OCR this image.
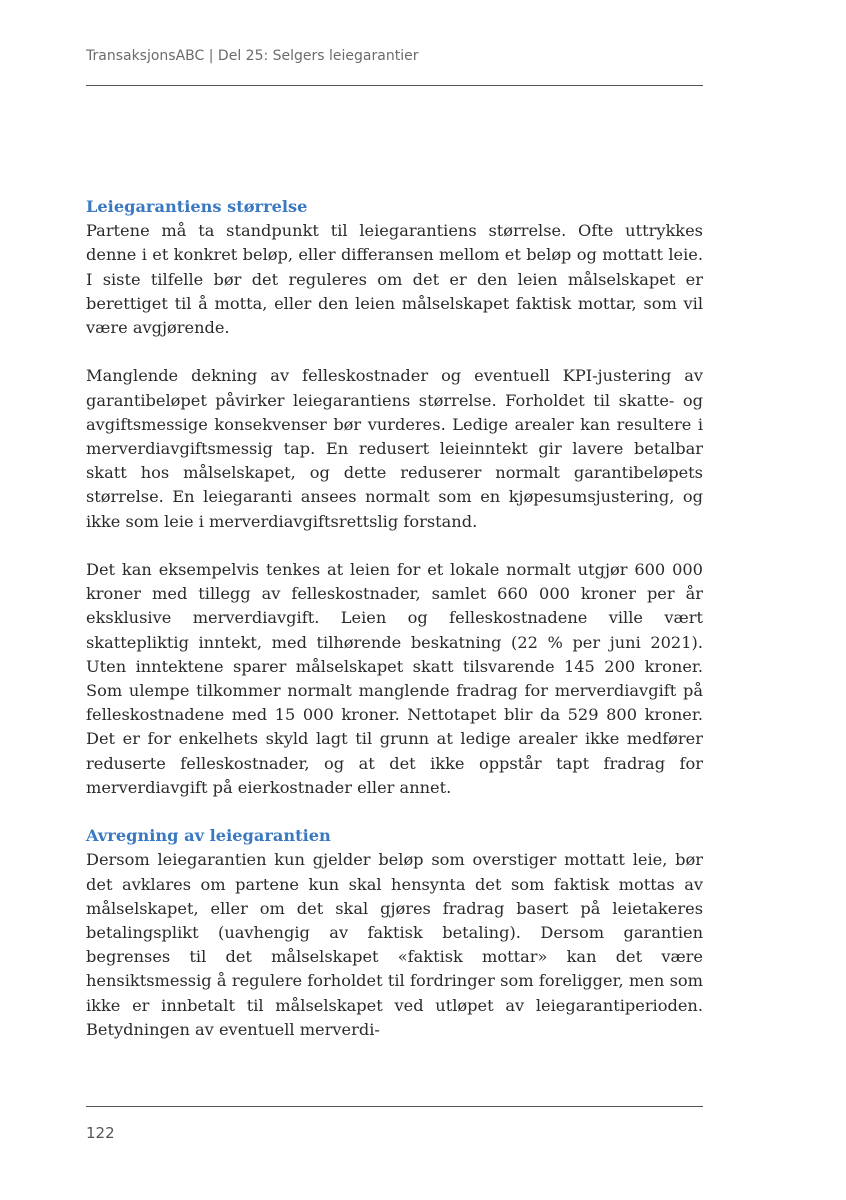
TransaksjonsABC | Del 25: Selgers leiegarantier
Leiegarantiens størrelse

Partene må ta standpunkt til leiegarantiens størrelse. Ofte uttrykkes denne i et konkret beløp, eller differansen mellom et beløp og mottatt leie. I siste tilfelle bør det reguleres om det er den leien målselskapet er berettiget til å motta, eller den leien målselskapet faktisk mottar, som vil være avgjørende.

Manglende dekning av felleskostnader og eventuell KPI-justering av garantibeløpet påvirker leiegarantiens størrelse. Forholdet til skatte- og avgiftsmessige konsekvenser bør vurderes. Ledige arealer kan resultere i merverdiavgiftsmessig tap. En redusert leieinntekt gir lavere betalbar skatt hos målselskapet, og dette reduserer normalt garantibeløpets størrelse. En leiegaranti ansees normalt som en kjøpesumsjustering, og ikke som leie i merverdiavgiftsrettslig forstand.

Det kan eksempelvis tenkes at leien for et lokale normalt utgjør 600 000 kroner med tillegg av felleskostnader, samlet 660 000 kroner per år eksklusive merverdiavgift. Leien og felleskostnadene ville vært skattepliktig inntekt, med tilhørende beskatning (22 % per juni 2021). Uten inntektene sparer målselskapet skatt tilsvarende 145 200 kroner. Som ulempe tilkommer normalt manglende fradrag for merverdiavgift på felleskostnadene med 15 000 kroner. Nettotapet blir da 529 800 kroner. Det er for enkelhets skyld lagt til grunn at ledige arealer ikke medfører reduserte felleskostnader, og at det ikke oppstår tapt fradrag for merverdiavgift på eierkostnader eller annet.

Avregning av leiegarantien

Dersom leiegarantien kun gjelder beløp som overstiger mottatt leie, bør det avklares om partene kun skal hensynta det som faktisk mottas av målselskapet, eller om det skal gjøres fradrag basert på leietakeres betalingsplikt (uavhengig av faktisk betaling). Dersom garantien begrenses til det målselskapet «faktisk mottar» kan det være hensiktsmessig å regulere forholdet til fordringer som foreligger, men som ikke er innbetalt til målselskapet ved utløpet av leiegarantiperioden. Betydningen av eventuell merverdi-

122
